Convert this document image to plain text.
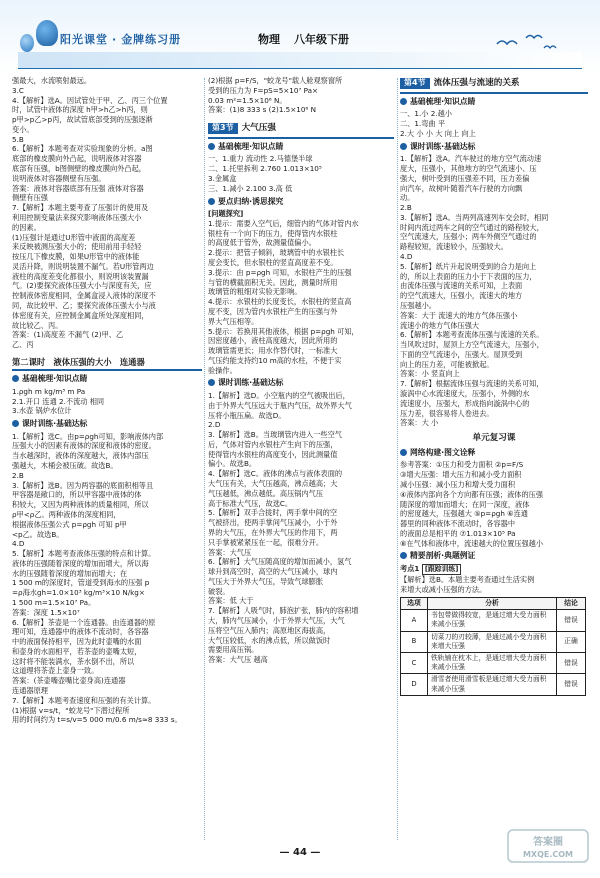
阳光课堂 · 金牌练习册	物理 八年级下册

强最大，水流喷射最远。

3.C

4.【解析】选A。因试管处于甲、乙、丙三个位置

时，试管中液体的深度 h甲>h乙>h丙，则

p甲>p乙>p丙，故试管底部受到的压强逐渐

变小。

5.B

6.【解析】本题考查对实验现象的分析。a图

底部的橡皮膜向外凸起，说明液体对容器

底部有压强，b图侧壁的橡皮膜向外凸起，

说明液体对容器侧壁有压强。

答案：液体对容器底部有压强 液体对容器

侧壁有压强

7.【解析】本题主要考查了压强计的使用及

利用控制变量法来探究影响液体压强大小

的因素。

(1)压强计是通过U形管中液面的高度差

来反映被测压强大小的；使用前用手轻轻

按压几下橡皮膜，如果U形管中的液体能

灵活升降，则说明装置不漏气。若U形管两边

液柱的高度差变化都很小，则说明该装置漏

气。(2)要探究液体压强大小与深度有关，应

控制液体密度相同，金属盒浸入液体的深度不

同，故比较甲、乙；要探究液体压强大小与液

体密度有关，应控制金属盒所处深度相同，

故比较乙、丙。

答案：(1)高度差 不漏气 (2)甲、乙

乙、丙

第二课时　液体压强的大小　连通器
基础梳理·知识点睛

1.ρgh m kg/m³ m Pa

2.1.开口 连通 2.不流动 相同

3.水壶 锅炉水位计

课时训练·基础达标

1.【解析】选C。由p=ρgh可知，影响液体内部

压强大小的因素有液体的深度和液体的密度。

当水越深时，液体的深度越大，液体内部压

强越大，木桶会被压破。故选B。

2.B

3.【解析】选B。因为两容器的底面积相等且

甲容器是敞口的，所以甲容器中液体的体

积较大，又因为两种液体的质量相同，所以

ρ甲<ρ乙。两种液体的深度相同，

根据液体压强公式 p=ρgh 可知 p甲

<p乙。故选B。

4.D

5.【解析】本题考查液体压强的特点和计算。

液体的压强随着深度的增加而增大，所以海

水的压强随着深度的增加而增大；在

1 500 m的深度时，管道受到海水的压强 p

=ρ海水gh=1.0×10³ kg/m³×10 N/kg×

1 500 m=1.5×10⁷ Pa。

答案：深度 1.5×10⁷

6.【解析】茶壶是一个连通器。由连通器的原

理可知，连通器中的液体不流动时，各容器

中的液面保持相平，因为此时壶嘴的水面

和壶身的水面相平，若茶壶的壶嘴太短，

这时将不能装满水，茶水倒不出，所以

这道理将茶壶上壶身一致。

答案：(茶壶嘴壶嘴比壶身高)连通器

连通器原理

7.【解析】本题考查速度和压强的有关计算。

(1)根据 v=s/t，"蛟龙号"下潜过程所

用的时间约为 t=s/v=5 000 m/0.6 m/s≈8 333 s。

(2)根据 p=F/S，"蛟龙号"载人舱观察窗所

受到的压力为 F=pS=5×10⁷ Pa×

0.03 m²=1.5×10⁶ N。

答案：(1)8 333 s (2)1.5×10⁶ N

第3节 大气压强
基础梳理·知识点睛

一、1.重力 流动性 2.马德堡半球

二、1.托里拆利 2.760 1.013×10⁵

3.金属盒

三、1.减小 2.100 3.高 低

要点归纳·诱思探究

[问题探究]

1.提示：需要入空气后，细管内的气体对管内水

银柱有一个向下的压力，使得管内水银柱

的高度低于管外，故测量值偏小。

2.提示：把管子倾斜，玻璃管中的水银柱长

度会变长，但水银柱的竖直高度差不变。

3.提示：由 p=ρgh 可知，水银柱产生的压强

与管的横截面积无关。因此，测量时所用

玻璃管的粗细对实验无影响。

4.提示：水银柱的长度变长，水银柱的竖直高

度不变，因为管内水银柱产生的压强与外

界大气压相等。

5.提示：若换用其他液体，根据 p=ρgh 可知，

因密度越小，液柱高度越大，因此所用的

玻璃管需更长；用水作替代时，一标准大

气压约能支持约10 m高的水柱，不便于实

验操作。

课时训练·基础达标

1.【解析】选D。小空瓶内的空气被吸出后，

由于外界大气压远大于瓶内气压，故外界大气

压将小瓶压扁。故选D。

2.D

3.【解析】选B。当玻璃管内进入一些空气

后，气体对管内水银柱产生向下的压强，

使得管内水银柱的高度变小，因此测量值

偏小。故选B。

4.【解析】选C。液体的沸点与液体表面的

大气压有关，大气压越高，沸点越高；大

气压越低，沸点越低。高压锅内气压

高于标准大气压，故选C。

5.【解析】双手合拢时，两手掌中间的空

气被挤出，使两手掌间气压减小，小于外

界的大气压，在外界大气压的作用下，两

只手掌被紧紧压在一起，很难分开。

答案：大气压

6.【解析】大气压随高度的增加而减小，氢气

球升到高空时，高空的大气压减小，球内

气压大于外界大气压，导致气球膨胀

破裂。

答案：低 大于

7.【解析】人吸气时，肺泡扩张，肺内的容积增

大，肺内气压减小，小于外界大气压，大气

压将空气压入肺内；高原地区海拔高，

大气压较低，水的沸点低，所以做饭时

需要用高压锅。

答案：大气压 越高

第4节 流体压强与流速的关系
基础梳理·知识点睛

一、1.小 2.越小

二、1.弯曲 平

2.大 小 小 大 向上 向上

课时训练·基础达标

1.【解析】选A。汽车驶过的地方空气流动速

度大，压强小，其他地方的空气流速小、压

强大，树叶受到的压强差不同，压力差偏

向汽车，故树叶随着汽车行驶的方向飘

动。

2.B

3.【解析】选A。当两列高速列车交会时，相同

时间内流过两车之间的空气通过的路程较大，

空气流速大，压强小；两车外侧空气通过的

路程较短，流速较小，压强较大。

4.D

5.【解析】纸片升起说明受到的合力是向上

的，所以上表面的压力小于下表面的压力，

由流体压强与流速的关系可知，上表面

的空气流速大，压强小，流速大的地方

压强越小。

答案：大于 流速大的地方气体压强小

流速小的地方气体压强大

6.【解析】本题考查流体压强与流速的关系。

当风吹过时，屋顶上方空气流速大，压强小，

下面的空气流速小，压强大。屋顶受到

向上的压力差，可能被掀起。

答案：小 竖直向上

7.【解析】根据流体压强与流速的关系可知，

漩涡中心水流速度大，压强小，外侧的水

流速度小，压强大，形成指向漩涡中心的

压力差，很容易将人卷进去。

答案：大 小

单元复习课
网络构建·图文诠释

参考答案：①压力和受力面积 ②p=F/S

③增大压强：增大压力和减小受力面积

减小压强：减小压力和增大受力面积

④液体内部向各个方向都有压强；液体的压强

随深度的增加而增大；在同一深度，液体

的密度越大，压强越大 ⑤p=ρgh ⑥连通

器里的同种液体不流动时，各容器中

的液面总是相平的 ⑦1.013×10⁵ Pa

⑧在气体和液体中，流速越大的位置压强越小

精要剖析·典题例证

考点1 [跟踪训练]

【解析】选B。本题主要考查通过生活实例

来增大或减小压强的方法。

选项	分析	结论
A	书包带做得较宽，是通过增大受力面积来减小压强	错误
B	切菜刀的刃较薄，是通过减小受力面积来增大压强	正确
C	铁轨铺在枕木上，是通过增大受力面积来减小压强	错误
D	滑雪者使用滑雪板是通过增大受力面积来减小压强	错误
— 44 —
答案圈
MXQE.COM
